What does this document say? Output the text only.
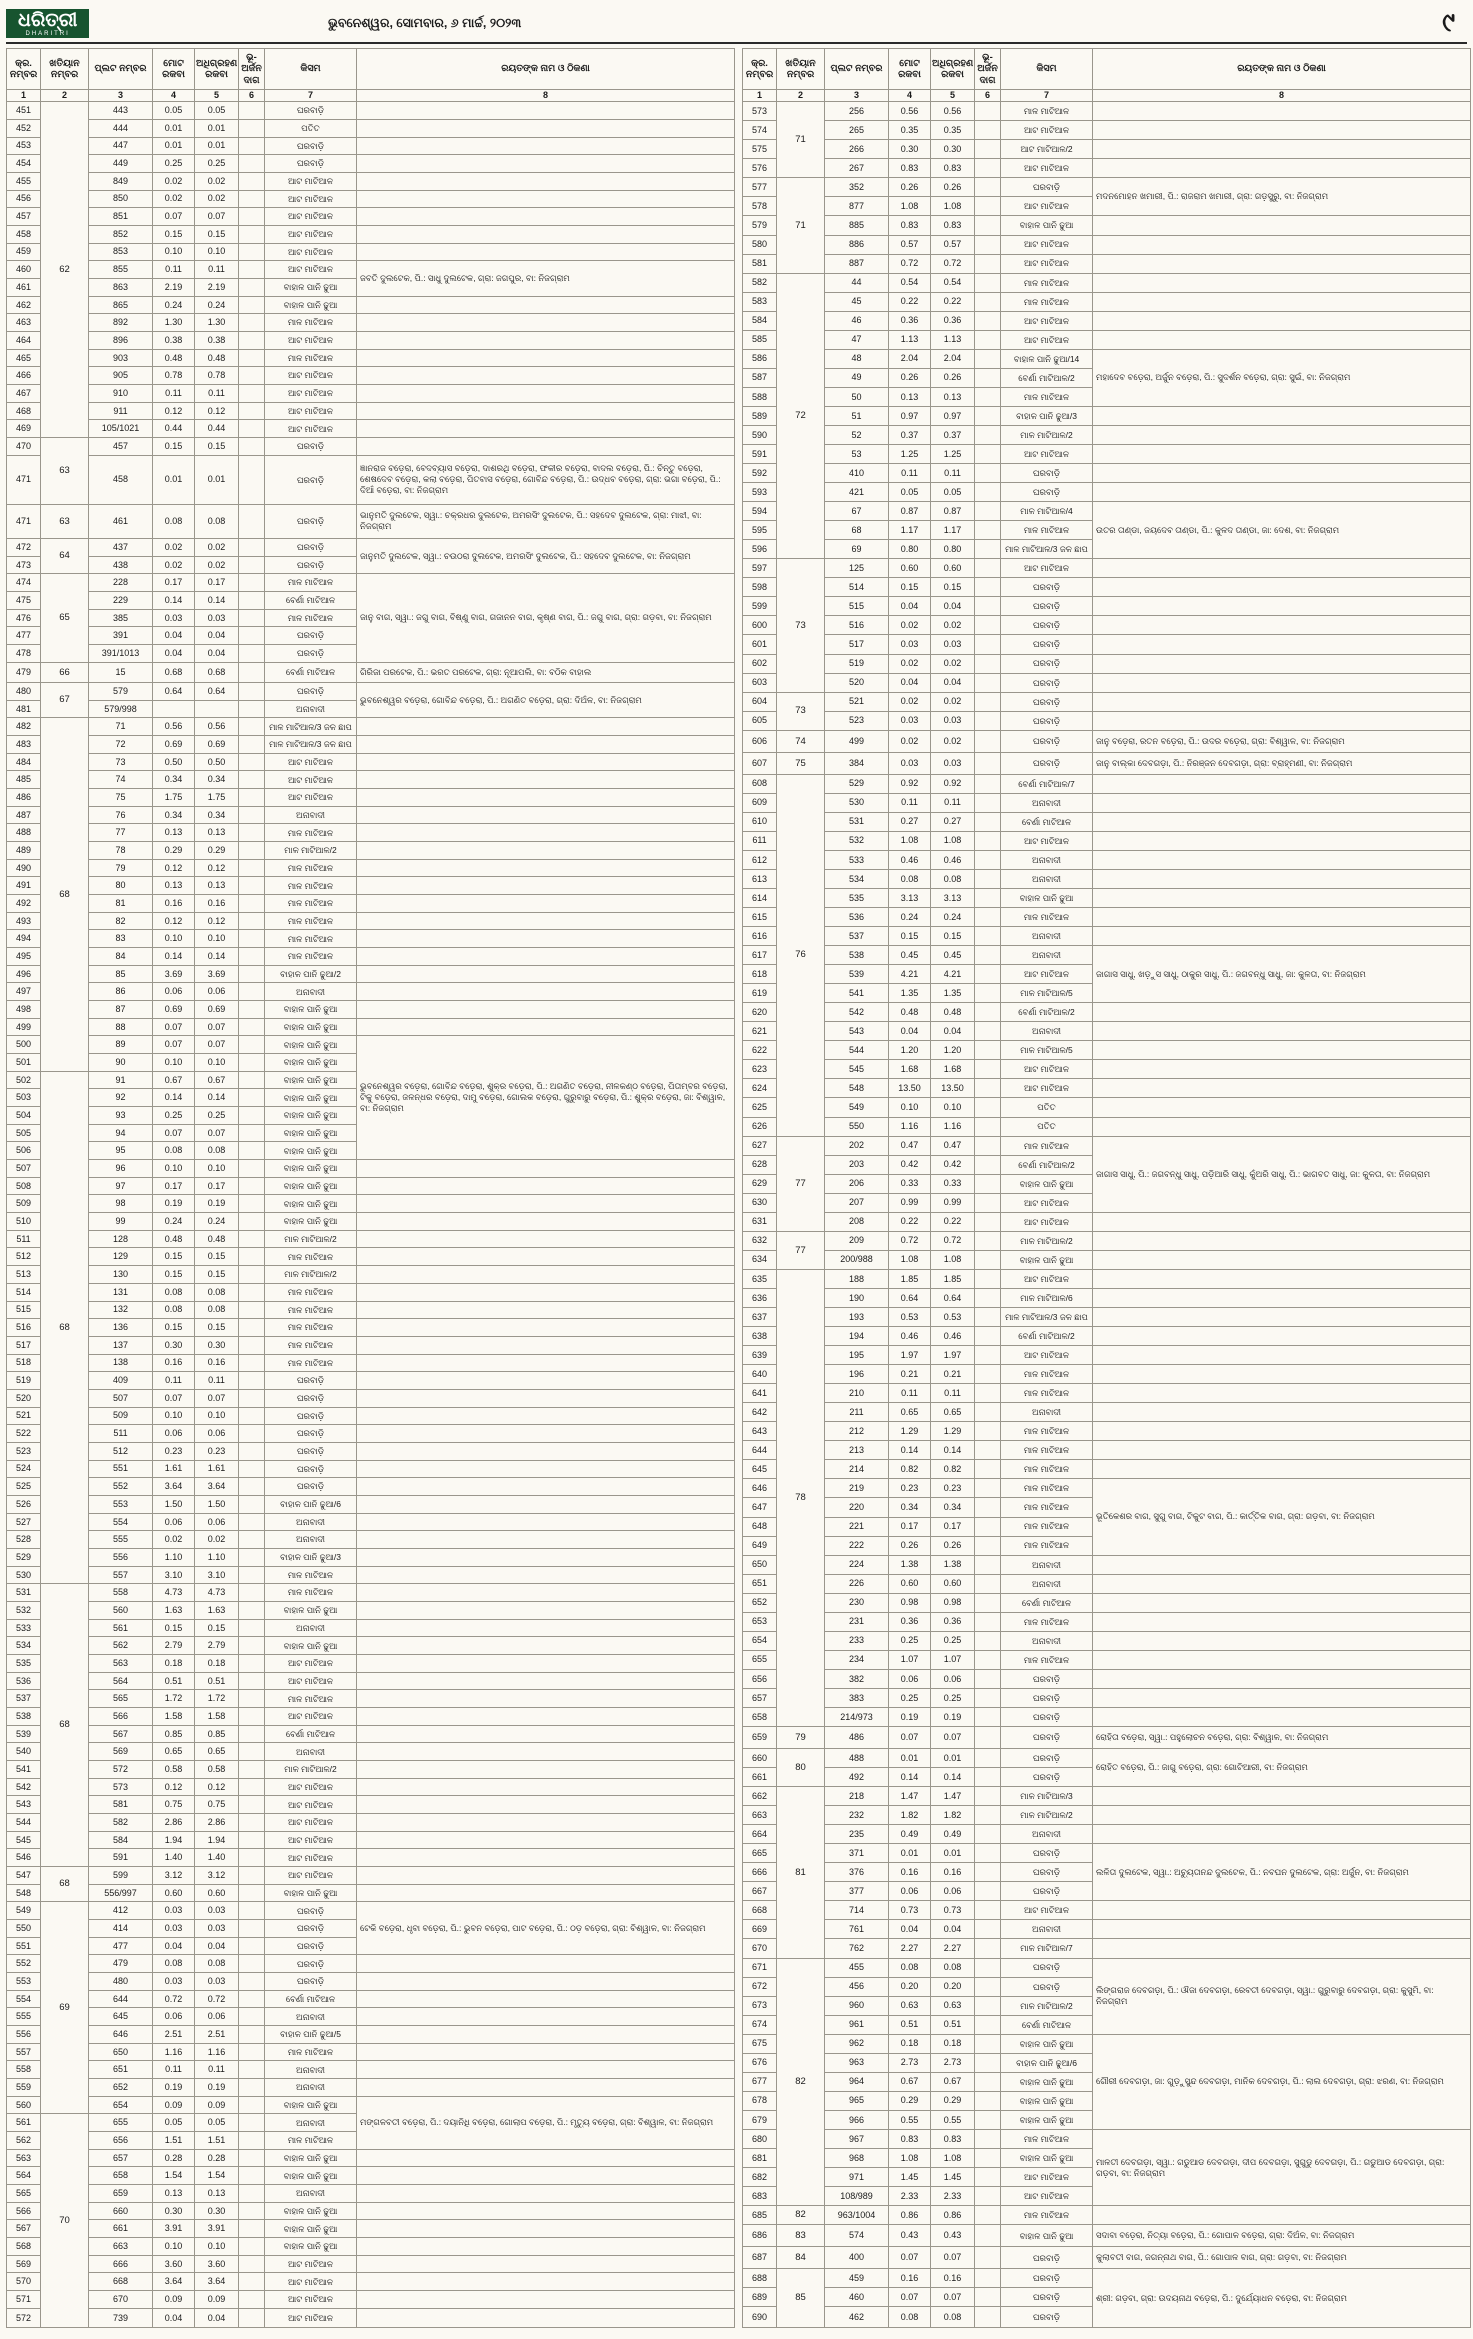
ଧରିତ୍ରୀ
DHARITRI
ଭୁବନେଶ୍ୱର, ସୋମବାର, ୬ ମାର୍ଚ୍ଚ, ୨୦୨୩	୯
କ୍ର. ନମ୍ବର	ଖତିୟାନ ନମ୍ବର	ପ୍ଲଟ ନମ୍ବର	ମୋଟ ରକବା	ଅଧିଗ୍ରହଣ ରକବା	ଭୂ-ଅର୍ଜନ ଦାଗ	କିସମ	ରୟତଙ୍କ ନାମ ଓ ଠିକଣା
1	2	3	4	5	6	7	8
451	62	443	0.05	0.05		ଘରବାଡ଼ି	
452		444	0.01	0.01		ପତିତ	
453		447	0.01	0.01		ଘରବାଡ଼ି	
454		449	0.25	0.25		ଘରବାଡ଼ି	
455		849	0.02	0.02		ଆଟ ମାଟିଆଳ	
456		850	0.02	0.02		ଆଟ ମାଟିଆଳ	
457		851	0.07	0.07		ଆଟ ମାଟିଆଳ	
458		852	0.15	0.15		ଆଟ ମାଟିଆଳ	
459		853	0.10	0.10		ଆଟ ମାଟିଆଳ	
460		855	0.11	0.11		ଆଟ ମାଟିଆଳ	ଜବତି ଦୁଲଟେକ, ପି.: ସାଧୁ ଦୁଲଟେକ, ଗ୍ରା: ଜଗପୁର, ବା: ନିଜଗ୍ରାମ
461		863	2.19	2.19		ବାହାଳ ପାନି ଢୁଆ	
462		865	0.24	0.24		ବାହାଳ ପାନି ଢୁଆ	
463		892	1.30	1.30		ମାଳ ମାଟିଆଳ	
464		896	0.38	0.38		ଆଟ ମାଟିଆଳ	
465		903	0.48	0.48		ମାଳ ମାଟିଆଳ	
466		905	0.78	0.78		ଆଟ ମାଟିଆଳ	
467		910	0.11	0.11		ଆଟ ମାଟିଆଳ	
468		911	0.12	0.12		ଆଟ ମାଟିଆଳ	
469		105/1021	0.44	0.44		ଆଟ ମାଟିଆଳ	
470	63	457	0.15	0.15		ଘରବାଡ଼ି	
471		458	0.01	0.01		ଘରବାଡ଼ି	ଜ୍ଞାନରାଜ ବଡ଼େରା, ବେଦବ୍ୟାସ ବଡ଼େରା, ଦାଶରଥି ବଡ଼େରା, ଫକୀର ବଡ଼େରା, ବାଦଲ ବଡ଼େରା, ପି.: ଚିନ୍ତୁ ବଡ଼େରା, ଶେଷଦେବ ବଡ଼େରା, କଲା ବଡ଼େରା, ପିତବାସ ବଡ଼େରା, ଗୋବିନ୍ଦ ବଡ଼େରା, ପି.: ଉଦ୍ଧବ ବଡ଼େରା, ଗ୍ରା: ଭଗା ବଡ଼େରା, ପି.: ଦିଆଁ ବଡ଼େରା, ବା: ନିଜଗ୍ରାମ
471	63	461	0.08	0.08		ଘରବାଡ଼ି	ଭାନୁମତି ଦୁଲଟେକ, ସ୍ୱା.: ଚକ୍ରଧର ଦୁଲଟେକ, ଅମରସିଂ ଦୁଲଟେକ, ପି.: ସହଦେବ ଦୁଲଟେକ, ଗ୍ରା: ମାଝୀ, ବା: ନିଜଗ୍ରାମ
472	64	437	0.02	0.02		ଘରବାଡ଼ି	ଜାନୁମତି ଦୁଲଟେକ, ସ୍ୱା.: ଚଉଠରା ଦୁଲଟେକ, ଅମରସିଂ ଦୁଲଟେକ, ପି.: ସହଦେବ ଦୁଲଟେକ, ବା: ନିଜଗ୍ରାମ
473		438	0.02	0.02		ଘରବାଡ଼ି	
474	65	228	0.17	0.17		ମାଳ ମାଟିଆଳ	ଜାନୁ ବାଗ, ସ୍ୱା.: ଜଗୁ ବାଗ, ବିଷ୍ଣୁ ବାଗ, ଗଜାନନ ବାଗ, କୃଷ୍ଣ ବାଗ, ପି.: ଜଗୁ ବାଗ, ଗ୍ରା: ଗଡ଼ବା, ବା: ନିଜଗ୍ରାମ
475		229	0.14	0.14		ବେର୍ଣା ମାଟିଆଳ	
476		385	0.03	0.03		ମାଳ ମାଟିଆଳ	
477		391	0.04	0.04		ଘରବାଡ଼ି	
478		391/1013	0.04	0.04		ଘରବାଡ଼ି	
479	66	15	0.68	0.68		ବେର୍ଣା ମାଟିଆଳ	ଗିରିଜା ପରଟେକ, ପି.: ଭରତ ପରଟେକ, ଗ୍ରା: ନୂଆପଲି, ବା: ବଠିକ ବାହାଲ
480	67	579	0.64	0.64		ଘରବାଡ଼ି	ଭୁବନେଶ୍ୱର ବଡ଼େରା, ଗୋବିନ୍ଦ ବଡ଼େରା, ପି.: ଅଗଣିତ ବଡ଼େରା, ଗ୍ରା: ଦିଅଁଳ, ବା: ନିଜଗ୍ରାମ
481		579/998				ଅନାବାଦୀ	
482	68	71	0.56	0.56		ମାଳ ମାଟିଆଳ/3 ଜଳ ଛାପ	
483		72	0.69	0.69		ମାଳ ମାଟିଆଳ/3 ଜଳ ଛାପ	
484		73	0.50	0.50		ଆଟ ମାଟିଆଳ	
485		74	0.34	0.34		ଆଟ ମାଟିଆଳ	
486		75	1.75	1.75		ଆଟ ମାଟିଆଳ	
487		76	0.34	0.34		ଅନାବାଦୀ	
488		77	0.13	0.13		ମାଳ ମାଟିଆଳ	
489		78	0.29	0.29		ମାଳ ମାଟିଆଳ/2	
490		79	0.12	0.12		ମାଳ ମାଟିଆଳ	
491		80	0.13	0.13		ମାଳ ମାଟିଆଳ	
492		81	0.16	0.16		ମାଳ ମାଟିଆଳ	
493		82	0.12	0.12		ମାଳ ମାଟିଆଳ	
494		83	0.10	0.10		ମାଳ ମାଟିଆଳ	
495		84	0.14	0.14		ମାଳ ମାଟିଆଳ	
496		85	3.69	3.69		ବାହାଳ ପାନି ଢୁଆ/2	
497		86	0.06	0.06		ଅନାବାଦୀ	
498		87	0.69	0.69		ବାହାଳ ପାନି ଢୁଆ	
499		88	0.07	0.07		ବାହାଳ ପାନି ଢୁଆ	
500		89	0.07	0.07		ବାହାଳ ପାନି ଢୁଆ	ଭୁବନେଶ୍ୱର ବଡ଼େରା, ଗୋବିନ୍ଦ ବଡ଼େରା, ଶୁକ୍ର ବଡ଼େରା, ପି.: ଅଗଣିତ ବଡ଼େରା, ନୀଳକଣ୍ଠ ବଡ଼େରା, ପିତାମ୍ବର ବଡ଼େରା, ଟିକୁ ବଡ଼େରା, ଜଳନ୍ଧର ବଡ଼େରା, ଦାମୁ ବଡ଼େରା, ଗୋଲକ ବଡ଼େରା, ଗୁରୁବାରୁ ବଡ଼େରା, ପି.: ଶୁକ୍ର ବଡ଼େରା, ଜା: ବିଶ୍ୱାଳ, ବା: ନିଜଗ୍ରାମ
501		90	0.10	0.10		ବାହାଳ ପାନି ଢୁଆ	
502	68	91	0.67	0.67		ବାହାଳ ପାନି ଢୁଆ	
503		92	0.14	0.14		ବାହାଳ ପାନି ଢୁଆ	
504		93	0.25	0.25		ବାହାଳ ପାନି ଢୁଆ	
505		94	0.07	0.07		ବାହାଳ ପାନି ଢୁଆ	
506		95	0.08	0.08		ବାହାଳ ପାନି ଢୁଆ	
507		96	0.10	0.10		ବାହାଳ ପାନି ଢୁଆ	
508		97	0.17	0.17		ବାହାଳ ପାନି ଢୁଆ	
509		98	0.19	0.19		ବାହାଳ ପାନି ଢୁଆ	
510		99	0.24	0.24		ବାହାଳ ପାନି ଢୁଆ	
511		128	0.48	0.48		ମାଳ ମାଟିଆଳ/2	
512		129	0.15	0.15		ମାଳ ମାଟିଆଳ	
513		130	0.15	0.15		ମାଳ ମାଟିଆଳ/2	
514		131	0.08	0.08		ମାଳ ମାଟିଆଳ	
515		132	0.08	0.08		ମାଳ ମାଟିଆଳ	
516		136	0.15	0.15		ମାଳ ମାଟିଆଳ	
517		137	0.30	0.30		ମାଳ ମାଟିଆଳ	
518		138	0.16	0.16		ମାଳ ମାଟିଆଳ	
519		409	0.11	0.11		ଘରବାଡ଼ି	
520		507	0.07	0.07		ଘରବାଡ଼ି	
521		509	0.10	0.10		ଘରବାଡ଼ି	
522		511	0.06	0.06		ଘରବାଡ଼ି	
523		512	0.23	0.23		ଘରବାଡ଼ି	
524		551	1.61	1.61		ଘରବାଡ଼ି	
525		552	3.64	3.64		ଘରବାଡ଼ି	
526		553	1.50	1.50		ବାହାଳ ପାନି ଢୁଆ/6	
527		554	0.06	0.06		ଅନାବାଦୀ	
528		555	0.02	0.02		ଅନାବାଦୀ	
529		556	1.10	1.10		ବାହାଳ ପାନି ଢୁଆ/3	
530		557	3.10	3.10		ମାଳ ମାଟିଆଳ	
531	68	558	4.73	4.73		ମାଳ ମାଟିଆଳ	
532		560	1.63	1.63		ବାହାଳ ପାନି ଢୁଆ	
533		561	0.15	0.15		ଅନାବାଦୀ	
534		562	2.79	2.79		ବାହାଳ ପାନି ଢୁଆ	
535		563	0.18	0.18		ଆଟ ମାଟିଆଳ	
536		564	0.51	0.51		ଆଟ ମାଟିଆଳ	
537		565	1.72	1.72		ମାଳ ମାଟିଆଳ	
538		566	1.58	1.58		ଆଟ ମାଟିଆଳ	
539		567	0.85	0.85		ବେର୍ଣା ମାଟିଆଳ	
540		569	0.65	0.65		ଅନାବାଦୀ	
541		572	0.58	0.58		ମାଳ ମାଟିଆଳ/2	
542		573	0.12	0.12		ଆଟ ମାଟିଆଳ	
543		581	0.75	0.75		ଆଟ ମାଟିଆଳ	
544		582	2.86	2.86		ଆଟ ମାଟିଆଳ	
545		584	1.94	1.94		ଆଟ ମାଟିଆଳ	
546		591	1.40	1.40		ଆଟ ମାଟିଆଳ	
547	68	599	3.12	3.12		ଆଟ ମାଟିଆଳ	
548		556/997	0.60	0.60		ବାହାଳ ପାନି ଢୁଆ	
549	69	412	0.03	0.03		ଘରବାଡ଼ି	ଟେକି ବଡ଼େରା, ଧୃବା ବଡ଼େରା, ପି.: ଭୁବନ ବଡ଼େରା, ପାଟ ବଡ଼େରା, ପି.: ଠଡ଼ ବଡ଼େରା, ଗ୍ରା: ବିଶ୍ୱାଳ, ବା: ନିଜଗ୍ରାମ
550		414	0.03	0.03		ଘରବାଡ଼ି	
551		477	0.04	0.04		ଘରବାଡ଼ି	
552		479	0.08	0.08		ଘରବାଡ଼ି	
553		480	0.03	0.03		ଘରବାଡ଼ି	
554		644	0.72	0.72		ବେର୍ଣା ମାଟିଆଳ	
555		645	0.06	0.06		ଅନାବାଦୀ	
556		646	2.51	2.51		ବାହାଳ ପାନି ଢୁଆ/5	
557		650	1.16	1.16		ମାଳ ମାଟିଆଳ	
558		651	0.11	0.11		ଅନାବାଦୀ	
559		652	0.19	0.19		ଅନାବାଦୀ	
560		654	0.09	0.09		ବାହାଳ ପାନି ଢୁଆ	ମଙ୍ଗଳବତୀ ବଡ଼େରା, ପି.: ଦୟାନିଧି ବଡ଼େରା, ଗୋଲାପ ବଡ଼େରା, ପି.: ମୃତ୍ୟୁ ବଡ଼େରା, ଗ୍ରା: ବିଶ୍ୱାଳ, ବା: ନିଜଗ୍ରାମ
561	70	655	0.05	0.05		ଅନାବାଦୀ	
562		656	1.51	1.51		ମାଳ ମାଟିଆଳ	
563		657	0.28	0.28		ବାହାଳ ପାନି ଢୁଆ	
564		658	1.54	1.54		ବାହାଳ ପାନି ଢୁଆ	
565		659	0.13	0.13		ଅନାବାଦୀ	
566		660	0.30	0.30		ବାହାଳ ପାନି ଢୁଆ	
567		661	3.91	3.91		ବାହାଳ ପାନି ଢୁଆ	
568		663	0.10	0.10		ବାହାଳ ପାନି ଢୁଆ	
569		666	3.60	3.60		ଆଟ ମାଟିଆଳ	
570		668	3.64	3.64		ଆଟ ମାଟିଆଳ	
571		670	0.09	0.09		ଆଟ ମାଟିଆଳ	
572		739	0.04	0.04		ଆଟ ମାଟିଆଳ	
କ୍ର. ନମ୍ବର	ଖତିୟାନ ନମ୍ବର	ପ୍ଲଟ ନମ୍ବର	ମୋଟ ରକବା	ଅଧିଗ୍ରହଣ ରକବା	ଭୂ-ଅର୍ଜନ ଦାଗ	କିସମ	ରୟତଙ୍କ ନାମ ଓ ଠିକଣା
1	2	3	4	5	6	7	8
573	71	256	0.56	0.56		ମାଳ ମାଟିଆଳ	
574		265	0.35	0.35		ଆଟ ମାଟିଆଳ	
575		266	0.30	0.30		ଆଟ ମାଟିଆଳ/2	
576		267	0.83	0.83		ଆଟ ମାଟିଆଳ	
577	71	352	0.26	0.26		ଘରବାଡ଼ି	ମଦନମୋହନ ଖମାରୀ, ପି.: ରାଜରାମ ଖମାରୀ, ଗ୍ରା: ଗଡ଼ସୁରୁ, ବା: ନିଜଗ୍ରାମ
578		877	1.08	1.08		ଆଟ ମାଟିଆଳ	
579		885	0.83	0.83		ବାହାଳ ପାନି ଢୁଆ	
580		886	0.57	0.57		ଆଟ ମାଟିଆଳ	
581		887	0.72	0.72		ଆଟ ମାଟିଆଳ	
582	72	44	0.54	0.54		ମାଳ ମାଟିଆଳ	
583		45	0.22	0.22		ମାଳ ମାଟିଆଳ	
584		46	0.36	0.36		ଆଟ ମାଟିଆଳ	
585		47	1.13	1.13		ଆଟ ମାଟିଆଳ	
586		48	2.04	2.04		ବାହାଳ ପାନି ଢୁଆ/14	ମହାଦେବ ବଡ଼େରା, ଅର୍ଜୁନ ବଡ଼େରା, ପି.: ସୁଦର୍ଶନ ବଡ଼େରା, ଗ୍ରା: ସୁଇଁ, ବା: ନିଜଗ୍ରାମ
587		49	0.26	0.26		ବେର୍ଣା ମାଟିଆଳ/2	
588		50	0.13	0.13		ମାଳ ମାଟିଆଳ	
589		51	0.97	0.97		ବାହାଳ ପାନି ଢୁଆ/3	
590		52	0.37	0.37		ମାଳ ମାଟିଆଳ/2	
591		53	1.25	1.25		ଆଟ ମାଟିଆଳ	
592		410	0.11	0.11		ଘରବାଡ଼ି	
593		421	0.05	0.05		ଘରବାଡ଼ି	
594		67	0.87	0.87		ମାଳ ମାଟିଆଳ/4	ଉତର ତାଣ୍ଡା, ଜୟଦେବ ତାଣ୍ଡା, ପି.: କୁଳଦ ତାଣ୍ଡା, ଜା: ଦେଶ, ବା: ନିଜଗ୍ରାମ
595		68	1.17	1.17		ମାଳ ମାଟିଆଳ	
596		69	0.80	0.80		ମାଳ ମାଟିଆଳ/3 ଜଳ ଛାପ	
597	73	125	0.60	0.60		ଆଟ ମାଟିଆଳ	
598		514	0.15	0.15		ଘରବାଡ଼ି	
599		515	0.04	0.04		ଘରବାଡ଼ି	
600		516	0.02	0.02		ଘରବାଡ଼ି	
601		517	0.03	0.03		ଘରବାଡ଼ି	
602		519	0.02	0.02		ଘରବାଡ଼ି	
603		520	0.04	0.04		ଘରବାଡ଼ି	
604	73	521	0.02	0.02		ଘରବାଡ଼ି	
605		523	0.03	0.03		ଘରବାଡ଼ି	
606	74	499	0.02	0.02		ଘରବାଡ଼ି	ଜାନୁ ବଡ଼େରା, ରତନ ବଡ଼େରା, ପି.: ଉଦର ବଡ଼େରା, ଗ୍ରା: ବିଶ୍ୱାଳ, ବା: ନିଜଗ୍ରାମ
607	75	384	0.03	0.03		ଘରବାଡ଼ି	ଜାନୁ ବାଲ୍କା ଦେବଗଡ଼ା, ପି.: ନିରଞ୍ଜନ ଦେବଗଡ଼ା, ଗ୍ରା: ବ୍ରାହ୍ମଣୀ, ବା: ନିଜଗ୍ରାମ
608	76	529	0.92	0.92		ବେର୍ଣା ମାଟିଆଳ/7	
609		530	0.11	0.11		ଅନାବାଦୀ	
610		531	0.27	0.27		ବେର୍ଣା ମାଟିଆଳ	
611		532	1.08	1.08		ଆଟ ମାଟିଆଳ	
612		533	0.46	0.46		ଅନାବାଦୀ	
613		534	0.08	0.08		ଅନାବାଦୀ	
614		535	3.13	3.13		ବାହାଳ ପାନି ଢୁଆ	
615		536	0.24	0.24		ମାଳ ମାଟିଆଳ	
616		537	0.15	0.15		ଅନାବାଦୀ	
617		538	0.45	0.45		ଅନାବାଦୀ	ଜାଗାସ ସାଧୁ, ଖଡ଼ୁସ ସାଧୁ, ଠାକୁର ସାଧୁ, ପି.: ଜଗବନ୍ଧୁ ସାଧୁ, ଜା: କୁଳତା, ବା: ନିଜଗ୍ରାମ
618		539	4.21	4.21		ଆଟ ମାଟିଆଳ	
619		541	1.35	1.35		ମାଳ ମାଟିଆଳ/5	
620		542	0.48	0.48		ବେର୍ଣା ମାଟିଆଳ/2	
621		543	0.04	0.04		ଅନାବାଦୀ	
622		544	1.20	1.20		ମାଳ ମାଟିଆଳ/5	
623		545	1.68	1.68		ଆଟ ମାଟିଆଳ	
624		548	13.50	13.50		ଆଟ ମାଟିଆଳ	
625		549	0.10	0.10		ପତିତ	
626		550	1.16	1.16		ପତିତ	
627	77	202	0.47	0.47		ମାଳ ମାଟିଆଳ	ଜାଗାସ ସାଧୁ, ପି.: ଜଗବନ୍ଧୁ ସାଧୁ, ପଡ଼ିଆରି ସାଧୁ, କୁଁଅରି ସାଧୁ, ପି.: ଭାଗବତ ସାଧୁ, ଜା: କୁଳତା, ବା: ନିଜଗ୍ରାମ
628		203	0.42	0.42		ବେର୍ଣା ମାଟିଆଳ/2	
629		206	0.33	0.33		ବାହାଳ ପାନି ଢୁଆ	
630		207	0.99	0.99		ଆଟ ମାଟିଆଳ	
631		208	0.22	0.22		ଆଟ ମାଟିଆଳ	
632	77	209	0.72	0.72		ମାଳ ମାଟିଆଳ/2	
634		200/988	1.08	1.08		ବାହାଳ ପାନି ଢୁଆ	
635	78	188	1.85	1.85		ଆଟ ମାଟିଆଳ	
636		190	0.64	0.64		ମାଳ ମାଟିଆଳ/6	
637		193	0.53	0.53		ମାଳ ମାଟିଆଳ/3 ଜଳ ଛାପ	
638		194	0.46	0.46		ବେର୍ଣା ମାଟିଆଳ/2	
639		195	1.97	1.97		ଆଟ ମାଟିଆଳ	
640		196	0.21	0.21		ମାଳ ମାଟିଆଳ	
641		210	0.11	0.11		ମାଳ ମାଟିଆଳ	
642		211	0.65	0.65		ଅନାବାଦୀ	
643		212	1.29	1.29		ମାଳ ମାଟିଆଳ	
644		213	0.14	0.14		ମାଳ ମାଟିଆଳ	
645		214	0.82	0.82		ମାଳ ମାଟିଆଳ	
646		219	0.23	0.23		ମାଳ ମାଟିଆଳ	ଭୂତିକେଶର ବାଗ, ସୁଗୁ ବାଗ, ଟିକୁଟ ବାଗ, ପି.: କାର୍ତ୍ତିକ ବାଗ, ଗ୍ରା: ଗଡ଼ବା, ବା: ନିଜଗ୍ରାମ
647		220	0.34	0.34		ମାଳ ମାଟିଆଳ	
648		221	0.17	0.17		ମାଳ ମାଟିଆଳ	
649		222	0.26	0.26		ମାଳ ମାଟିଆଳ	
650		224	1.38	1.38		ଅନାବାଦୀ	
651		226	0.60	0.60		ଅନାବାଦୀ	
652		230	0.98	0.98		ବେର୍ଣା ମାଟିଆଳ	
653		231	0.36	0.36		ମାଳ ମାଟିଆଳ	
654		233	0.25	0.25		ଅନାବାଦୀ	
655		234	1.07	1.07		ମାଳ ମାଟିଆଳ	
656		382	0.06	0.06		ଘରବାଡ଼ି	
657		383	0.25	0.25		ଘରବାଡ଼ି	
658		214/973	0.19	0.19		ଘରବାଡ଼ି	
659	79	486	0.07	0.07		ଘରବାଡ଼ି	ରୋହିତା ବଡ଼େରା, ସ୍ୱା.: ପହୁଲୋଚନ ବଡ଼େରା, ଗ୍ରା: ବିଶ୍ୱାଳ, ବା: ନିଜଗ୍ରାମ
660	80	488	0.01	0.01		ଘରବାଡ଼ି	ରୋହିତ ବଡ଼େରା, ପି.: ଜାଗୁ ବଡ଼େରା, ଗ୍ରା: ଗୋଟିଆରୀ, ବା: ନିଜଗ୍ରାମ
661		492	0.14	0.14		ଘରବାଡ଼ି	
662	81	218	1.47	1.47		ମାଳ ମାଟିଆଳ/3	
663		232	1.82	1.82		ମାଳ ମାଟିଆଳ/2	
664		235	0.49	0.49		ଅନାବାଦୀ	
665		371	0.01	0.01		ଘରବାଡ଼ି	ଲଳିତା ଦୁଲଟେକ, ସ୍ୱା.: ଅଚ୍ୟୁତାନନ୍ଦ ଦୁଲଟେକ, ପି.: ନବଘନ ଦୁଲଟେକ, ଗ୍ରା: ଅର୍ଜୁନ, ବା: ନିଜଗ୍ରାମ
666		376	0.16	0.16		ଘରବାଡ଼ି	
667		377	0.06	0.06		ଘରବାଡ଼ି	
668		714	0.73	0.73		ଆଟ ମାଟିଆଳ	
669		761	0.04	0.04		ଅନାବାଦୀ	
670		762	2.27	2.27		ମାଳ ମାଟିଆଳ/7	
671	82	455	0.08	0.08		ଘରବାଡ଼ି	ଲିଙ୍ଗରାଜ ଦେବଗଡ଼ା, ପି.: ଔଜା ଦେବଗଡ଼ା, ରେବତୀ ଦେବଗଡ଼ା, ସ୍ୱା.: ଗୁରୁବାରୁ ଦେବଗଡ଼ା, ଗ୍ରା: କୁସୁମି, ବା: ନିଜଗ୍ରାମ
672		456	0.20	0.20		ଘରବାଡ଼ି	
673		960	0.63	0.63		ମାଳ ମାଟିଆଳ/2	
674		961	0.51	0.51		ବେର୍ଣା ମାଟିଆଳ	
675		962	0.18	0.18		ବାହାଳ ପାନି ଢୁଆ	ଗୌରୀ ଦେବଗଡ଼ା, ଜା: ଗୁଡ଼ୁସୁନ୍ଦ ଦେବଗଡ଼ା, ମାନିକ ଦେବଗଡ଼ା, ପି.: ଲାଲ ଦେବଗଡ଼ା, ଗ୍ରା: ଝରଣ, ବା: ନିଜଗ୍ରାମ
676		963	2.73	2.73		ବାହାଳ ପାନି ଢୁଆ/6	
677		964	0.67	0.67		ବାହାଳ ପାନି ଢୁଆ	
678		965	0.29	0.29		ବାହାଳ ପାନି ଢୁଆ	
679		966	0.55	0.55		ବାହାଳ ପାନି ଢୁଆ	
680		967	0.83	0.83		ମାଳ ମାଟିଆଳ	ମାଳତୀ ଦେବଗଡ଼ା, ସ୍ୱା.: ଗଡୁଆଡ ଦେବଗଡ଼ା, ଦୀପ ଦେବଗଡ଼ା, ସୁଗୁଡୁ ଦେବଗଡ଼ା, ପି.: ଗଡୁଆଡ ଦେବଗଡ଼ା, ଗ୍ରା: ଗଡ଼ବା, ବା: ନିଜଗ୍ରାମ
681		968	1.08	1.08		ବାହାଳ ପାନି ଢୁଆ	
682		971	1.45	1.45		ଆଟ ମାଟିଆଳ	
683		108/989	2.33	2.33		ଆଟ ମାଟିଆଳ	
685	82	963/1004	0.86	0.86		ମାଳ ମାଟିଆଳ	
686	83	574	0.43	0.43		ବାହାଳ ପାନି ଢୁଆ	ସଦାବା ବଡ଼େରା, ନିତ୍ୟା ବଡ଼େରା, ପି.: ଗୋପାଳ ବଡ଼େରା, ଗ୍ରା: ଦିଅଁଳ, ବା: ନିଜଗ୍ରାମ
687	84	400	0.07	0.07		ଘରବାଡ଼ି	କୁଲାବତୀ ବାଗ, ଜଗନ୍ନାଥ ବାଗ, ପି.: ଗୋପାଳ ବାଗ, ଗ୍ରା: ଗଡ଼ବା, ବା: ନିଜଗ୍ରାମ
688	85	459	0.16	0.16		ଘରବାଡ଼ି	ଶ୍ରୀ: ଗଡ଼ବା, ଗ୍ରା: ଉଦୟନାଥ ବଡ଼େରା, ପି.: ଦୁର୍ଯ୍ୟୋଧନ ବଡ଼େରା, ବା: ନିଜଗ୍ରାମ
689		460	0.07	0.07		ଘରବାଡ଼ି	
690		462	0.08	0.08		ଘରବାଡ଼ି	
